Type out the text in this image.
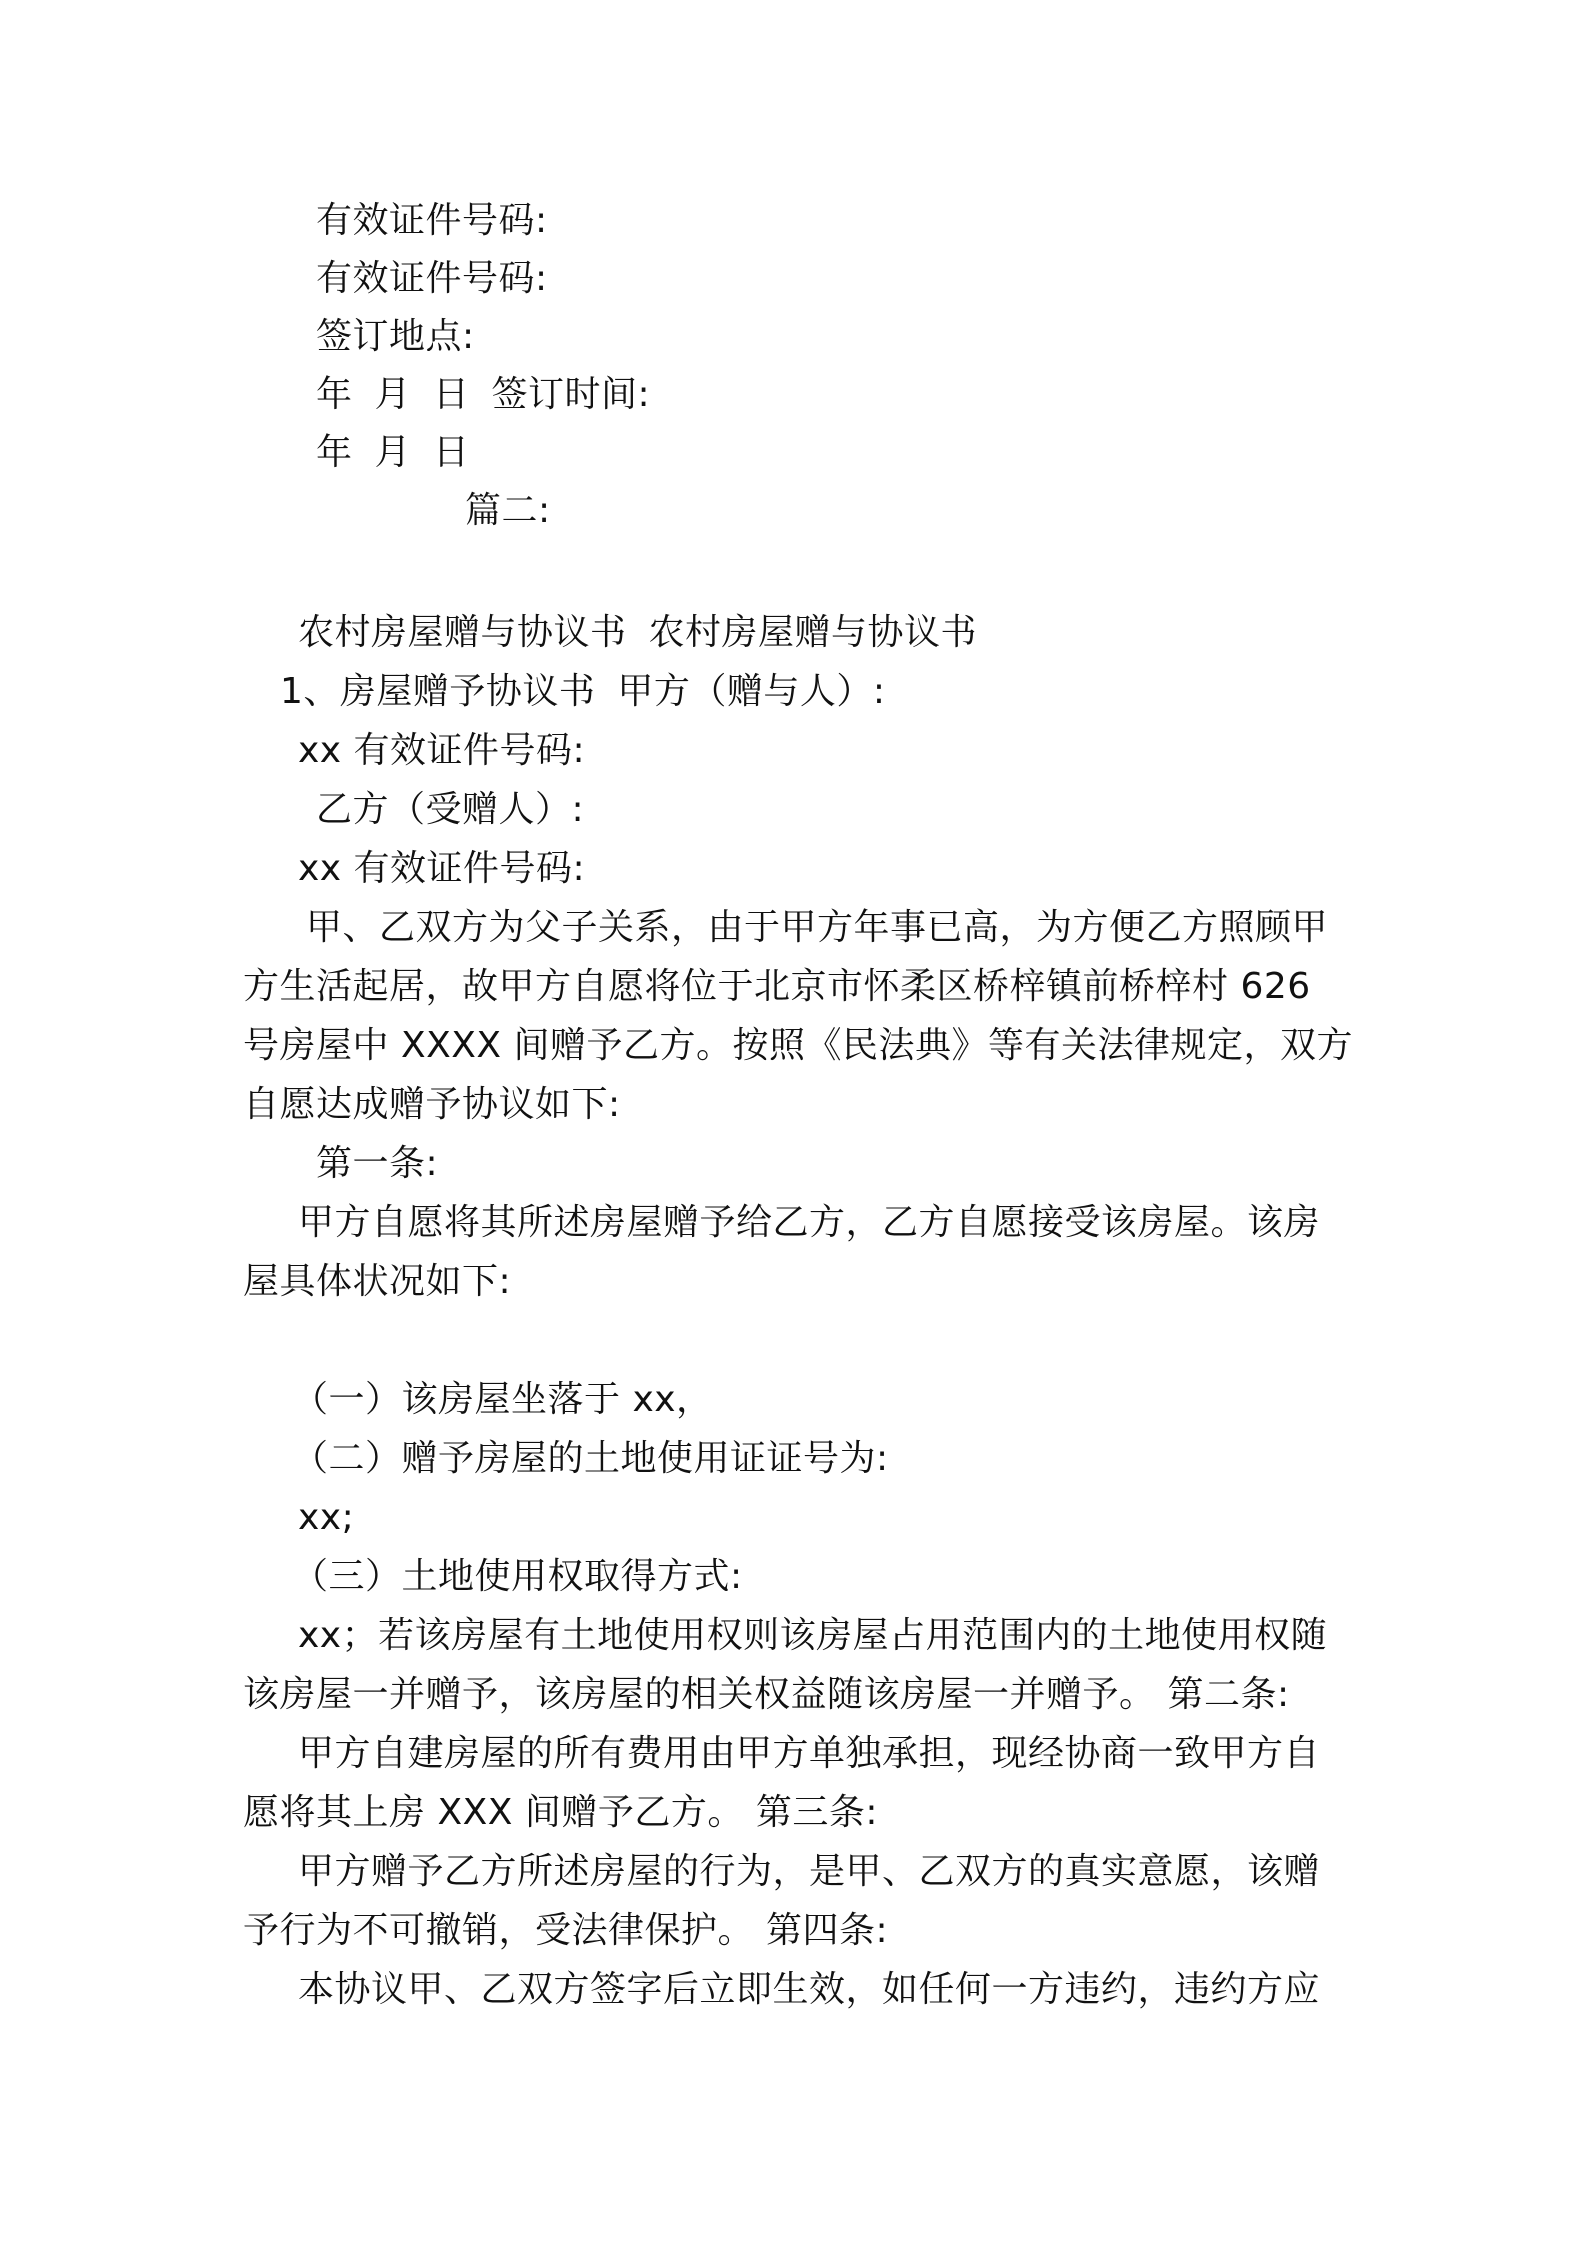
有效证件号码:
有效证件号码:
签订地点:
年 月 日 签订时间:
年 月 日
篇二:
农村房屋赠与协议书 农村房屋赠与协议书
1、房屋赠予协议书 甲方（赠与人）:
xx 有效证件号码:
乙方（受赠人）:
xx 有效证件号码:
甲、乙双方为父子关系，由于甲方年事已高，为方便乙方照顾甲
方生活起居，故甲方自愿将位于北京市怀柔区桥梓镇前桥梓村 626
号房屋中 XXXX 间赠予乙方。按照《民法典》等有关法律规定，双方
自愿达成赠予协议如下:
第一条:
甲方自愿将其所述房屋赠予给乙方，乙方自愿接受该房屋。该房
屋具体状况如下:
（一）该房屋坐落于 xx，
（二）赠予房屋的土地使用证证号为:
xx;
（三）土地使用权取得方式:
xx；若该房屋有土地使用权则该房屋占用范围内的土地使用权随
该房屋一并赠予，该房屋的相关权益随该房屋一并赠予。 第二条:
甲方自建房屋的所有费用由甲方单独承担，现经协商一致甲方自
愿将其上房 XXX 间赠予乙方。 第三条:
甲方赠予乙方所述房屋的行为，是甲、乙双方的真实意愿，该赠
予行为不可撤销，受法律保护。 第四条:
本协议甲、乙双方签字后立即生效，如任何一方违约，违约方应
